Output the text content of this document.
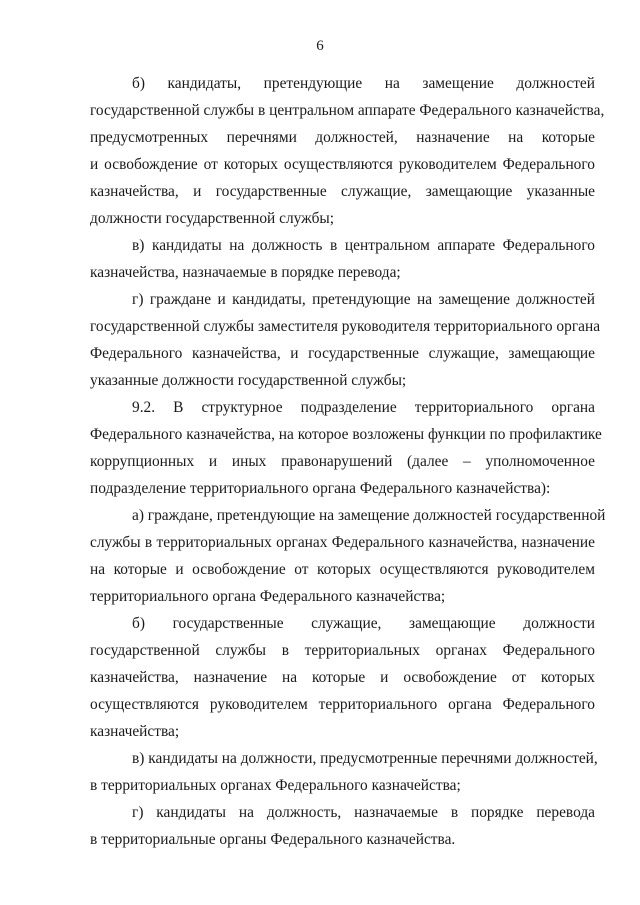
6
б) кандидаты, претендующие на замещение должностей
государственной службы в центральном аппарате Федерального казначейства,
предусмотренных перечнями должностей, назначение на которые
и освобождение от которых осуществляются руководителем Федерального
казначейства, и государственные служащие, замещающие указанные
должности государственной службы;
в) кандидаты на должность в центральном аппарате Федерального
казначейства, назначаемые в порядке перевода;
г) граждане и кандидаты, претендующие на замещение должностей
государственной службы заместителя руководителя территориального органа
Федерального казначейства, и государственные служащие, замещающие
указанные должности государственной службы;
9.2. В структурное подразделение территориального органа
Федерального казначейства, на которое возложены функции по профилактике
коррупционных и иных правонарушений (далее – уполномоченное
подразделение территориального органа Федерального казначейства):
а) граждане, претендующие на замещение должностей государственной
службы в территориальных органах Федерального казначейства, назначение
на которые и освобождение от которых осуществляются руководителем
территориального органа Федерального казначейства;
б) государственные служащие, замещающие должности
государственной службы в территориальных органах Федерального
казначейства, назначение на которые и освобождение от которых
осуществляются руководителем территориального органа Федерального
казначейства;
в) кандидаты на должности, предусмотренные перечнями должностей,
в территориальных органах Федерального казначейства;
г) кандидаты на должность, назначаемые в порядке перевода
в территориальные органы Федерального казначейства.
